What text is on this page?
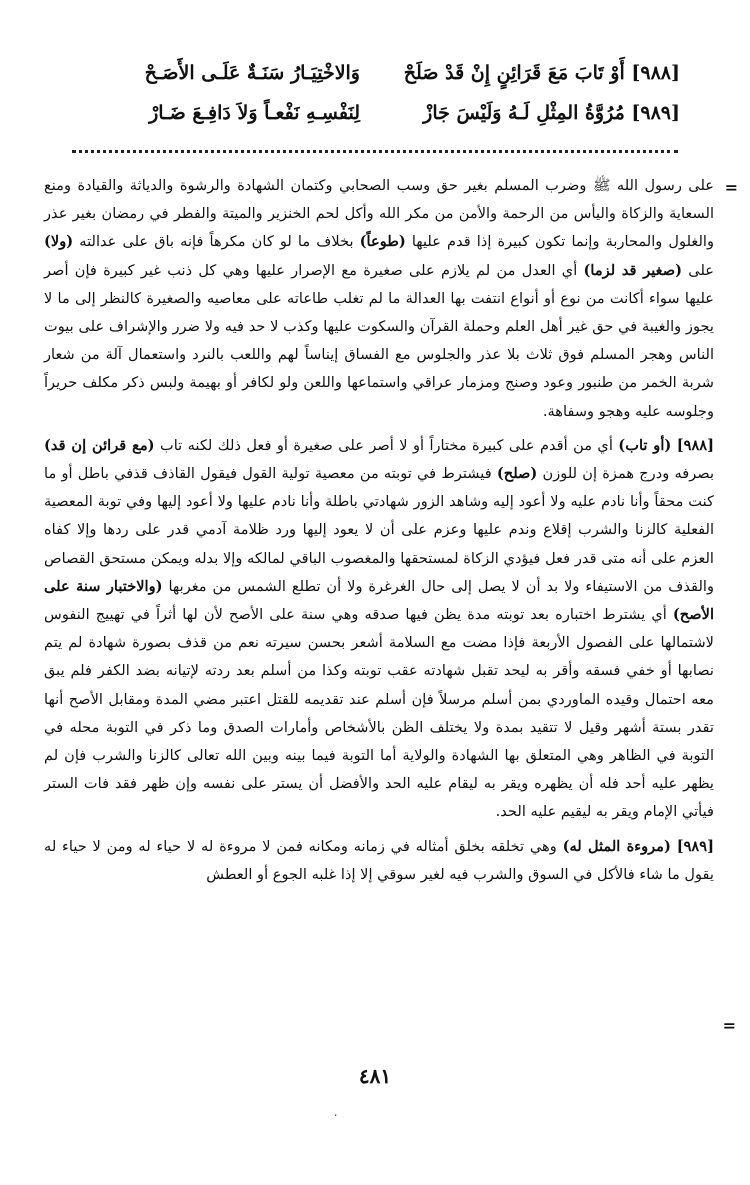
[٩٨٨] أَوْ تَابَ مَعَ قَرَائِنٍ إِنْ قَدْ صَلَحْ
وَالاخْتِيَـارُ سَنَـةٌ عَلَـى الأَصَـحْ
[٩٨٩] مُرُوَّةُ المِثْلِ لَـهُ وَلَيْسَ جَازْ
لِنَفْسِـهِ نَفْعـاً وَلاَ دَافِـعَ ضَـارْ
=

على رسول الله ﷺ وضرب المسلم بغير حق وسب الصحابي وكتمان الشهادة والرشوة والدياثة والقيادة ومنع السعاية والزكاة واليأس من الرحمة والأمن من مكر الله وأكل لحم الخنزير والميتة والفطر في رمضان بغير عذر والغلول والمحاربة وإنما تكون كبيرة إذا قدم عليها (طوعاً) بخلاف ما لو كان مكرهاً فإنه باق على عدالته (ولا) على (صغير قد لزما) أي العدل من لم يلازم على صغيرة مع الإصرار عليها وهي كل ذنب غير كبيرة فإن أصر عليها سواء أكانت من نوع أو أنواع انتفت بها العدالة ما لم تغلب طاعاته على معاصيه والصغيرة كالنظر إلى ما لا يجوز والغيبة في حق غير أهل العلم وحملة القرآن والسكوت عليها وكذب لا حد فيه ولا ضرر والإشراف على بيوت الناس وهجر المسلم فوق ثلاث بلا عذر والجلوس مع الفساق إيناساً لهم واللعب بالنرد واستعمال آلة من شعار شربة الخمر من طنبور وعود وصنج ومزمار عراقي واستماعها واللعن ولو لكافر أو بهيمة ولبس ذكر مكلف حريراً وجلوسه عليه وهجو وسفاهة.

[٩٨٨] (أو تاب) أي من أقدم على كبيرة مختاراً أو لا أصر على صغيرة أو فعل ذلك لكنه تاب (مع قرائن إن قد) بصرفه ودرج همزة إن للوزن (صلح) فيشترط في توبته من معصية تولية القول فيقول القاذف قذفي باطل أو ما كنت محقاً وأنا نادم عليه ولا أعود إليه وشاهد الزور شهادتي باطلة وأنا نادم عليها ولا أعود إليها وفي توبة المعصية الفعلية كالزنا والشرب إقلاع وندم عليها وعزم على أن لا يعود إليها ورد ظلامة آدمي قدر على ردها وإلا كفاه العزم على أنه متى قدر فعل فيؤدي الزكاة لمستحقها والمغصوب الباقي لمالكه وإلا بدله ويمكن مستحق القصاص والقذف من الاستيفاء ولا بد أن لا يصل إلى حال الغرغرة ولا أن تطلع الشمس من مغربها (والاختبار سنة على الأصح) أي يشترط اختباره بعد توبته مدة يظن فيها صدقه وهي سنة على الأصح لأن لها أثراً في تهييج النفوس لاشتمالها على الفصول الأربعة فإذا مضت مع السلامة أشعر بحسن سيرته نعم من قذف بصورة شهادة لم يتم نصابها أو خفي فسقه وأقر به ليحد تقبل شهادته عقب توبته وكذا من أسلم بعد ردته لإتيانه بضد الكفر فلم يبق معه احتمال وقيده الماوردي بمن أسلم مرسلاً فإن أسلم عند تقديمه للقتل اعتبر مضي المدة ومقابل الأصح أنها تقدر بستة أشهر وقيل لا تتقيد بمدة ولا يختلف الظن بالأشخاص وأمارات الصدق وما ذكر في التوبة محله في التوبة في الظاهر وهي المتعلق بها الشهادة والولاية أما التوبة فيما بينه وبين الله تعالى كالزنا والشرب فإن لم يظهر عليه أحد فله أن يظهره ويقر به ليقام عليه الحد والأفضل أن يستر على نفسه وإن ظهر فقد فات الستر فيأتي الإمام ويقر به ليقيم عليه الحد.

[٩٨٩] (مروءة المثل له) وهي تخلقه بخلق أمثاله في زمانه ومكانه فمن لا مروءة له لا حياء له ومن لا حياء له يقول ما شاء فالأكل في السوق والشرب فيه لغير سوقي إلا إذا غلبه الجوع أو العطش

=
٤٨١
٠
